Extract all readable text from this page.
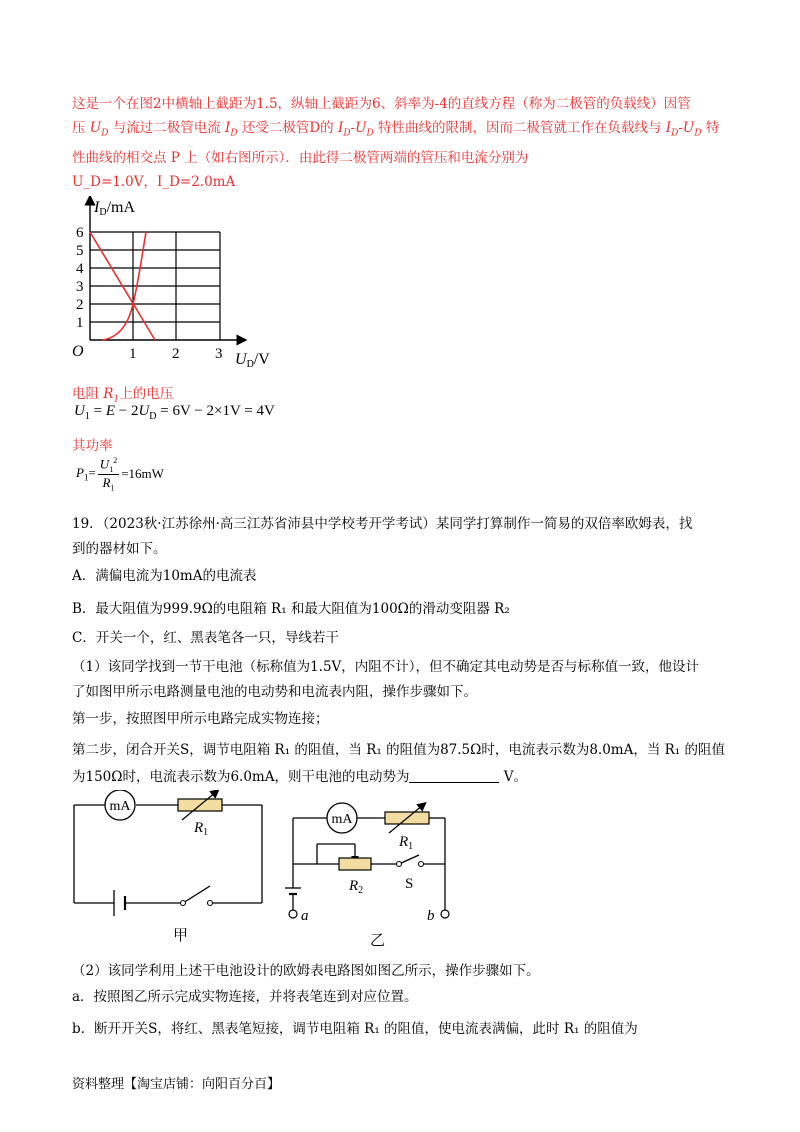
这是一个在图2中横轴上截距为1.5，纵轴上截距为6、斜率为-4的直线方程（称为二极管的负载线）因管
压 $U_D$ 与流过二极管电流 $I_D$ 还受二极管D的 $I_D-U_D$ 特性曲线的限制，因而二极管就工作在负载线与 $I_D-U_D$ 特
性曲线的相交点 P 上（如右图所示）．由此得二极管两端的管压和电流分别为
U_D=1.0V，I_D=2.0mA
ID/mA
UD/V
O
6
5
4
3
2
1
1 2 3
电阻 $R_1$上的电压
$U_1 = E - 2U_D = 6V - 2\times 1V = 4V$
其功率
$P_1= \frac{U_1^2}{R_1} =16mW$
19．（2023秋·江苏徐州·高三江苏省沛县中学校考开学考试）某同学打算制作一简易的双倍率欧姆表，找
到的器材如下。
A．满偏电流为10mA的电流表
B．最大阻值为999.9Ω的电阻箱 R₁ 和最大阻值为100Ω的滑动变阻器 R₂
C．开关一个，红、黑表笔各一只，导线若干
（1）该同学找到一节干电池（标称值为1.5V，内阻不计），但不确定其电动势是否与标称值一致，他设计
了如图甲所示电路测量电池的电动势和电流表内阻，操作步骤如下。
第一步，按照图甲所示电路完成实物连接；
第二步，闭合开关S，调节电阻箱 R₁ 的阻值，当 R₁ 的阻值为87.5Ω时，电流表示数为8.0mA，当 R₁ 的阻值
为150Ω时，电流表示数为6.0mA，则干电池的电动势为	V。
mA
$R_1$
甲
mA
$R_1$
$R_2$	S
a	b
乙
（2）该同学利用上述干电池设计的欧姆表电路图如图乙所示，操作步骤如下。
a．按照图乙所示完成实物连接，并将表笔连到对应位置。
b．断开开关S，将红、黑表笔短接，调节电阻箱 R₁ 的阻值，使电流表满偏，此时 R₁ 的阻值为
资料整理【淘宝店铺：向阳百分百】
